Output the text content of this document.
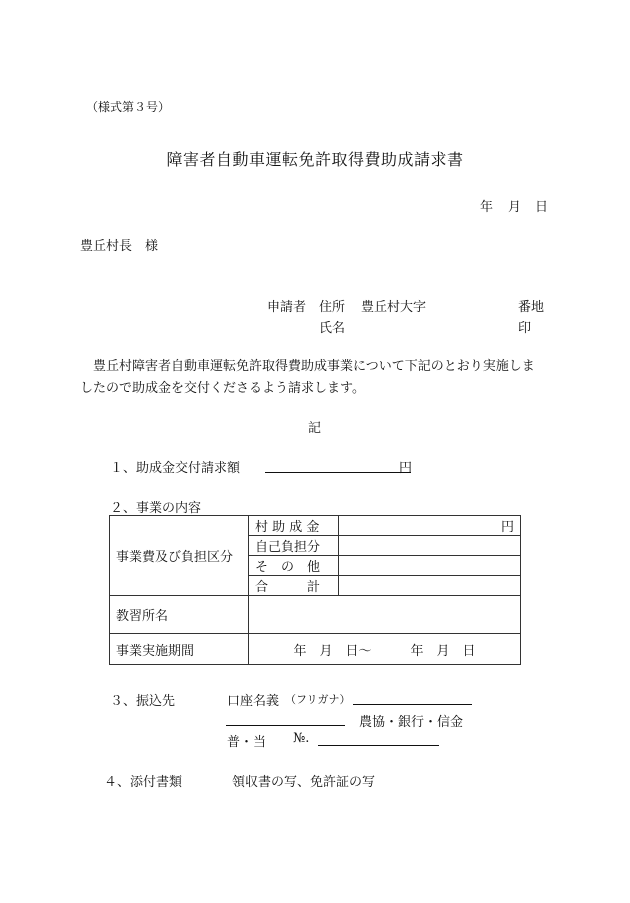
（様式第３号）
障害者自動車運転免許取得費助成請求書
年 月 日
豊丘村長　様
申請者 住所 豊丘村大字	番地
氏名	印
豊丘村障害者自動車運転免許取得費助成事業について下記のとおり実施しま
したので助成金を交付くださるよう請求します。
記
１、助成金交付請求額	円
２、事業の内容
事業費及び負担区分	村 助 成 金	円
	自己負担分	
	そ　の　他	
	合　　　計	
教習所名		
事業実施期間	年　月　日～　　　年　月　日	
３、振込先	口座名義 （フリガナ）
農協・銀行・信金
普・当 №.
４、添付書類	領収書の写、免許証の写
